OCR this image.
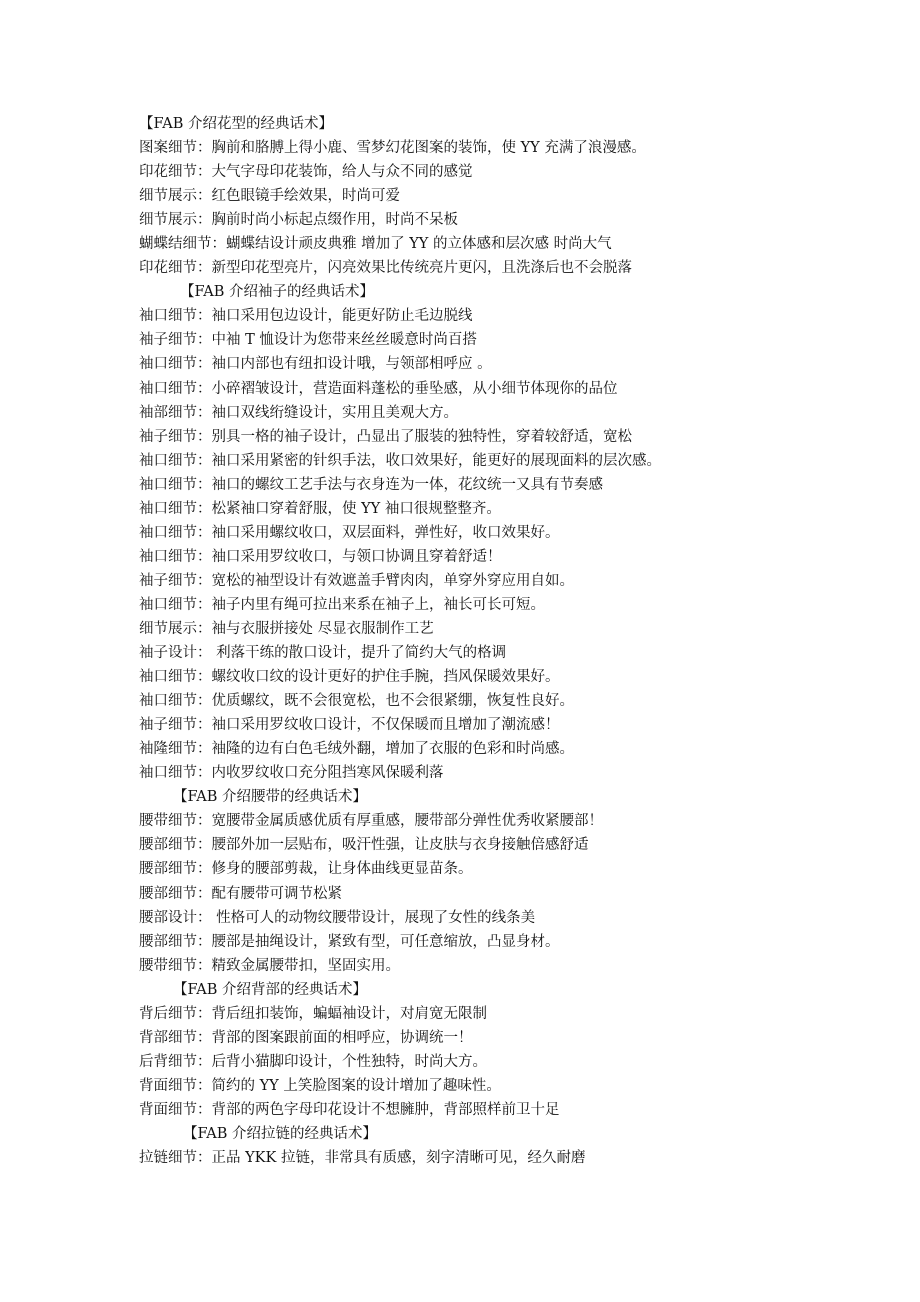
【FAB 介绍花型的经典话术】
图案细节：胸前和胳膊上得小鹿、雪梦幻花图案的装饰，使 YY 充满了浪漫感。
印花细节：大气字母印花装饰，给人与众不同的感觉
细节展示：红色眼镜手绘效果，时尚可爱
细节展示：胸前时尚小标起点缀作用，时尚不呆板
蝴蝶结细节：蝴蝶结设计顽皮典雅 增加了 YY 的立体感和层次感 时尚大气
印花细节：新型印花型亮片，闪亮效果比传统亮片更闪，且洗涤后也不会脱落
【FAB 介绍袖子的经典话术】
袖口细节：袖口采用包边设计，能更好防止毛边脱线
袖子细节：中袖 T 恤设计为您带来丝丝暖意时尚百搭
袖口细节：袖口内部也有纽扣设计哦，与领部相呼应 。
袖口细节：小碎褶皱设计，营造面料蓬松的垂坠感，从小细节体现你的品位
袖部细节：袖口双线绗缝设计，实用且美观大方。
袖子细节：别具一格的袖子设计，凸显出了服装的独特性，穿着较舒适，宽松
袖口细节：袖口采用紧密的针织手法，收口效果好，能更好的展现面料的层次感。
袖口细节：袖口的螺纹工艺手法与衣身连为一体，花纹统一又具有节奏感
袖口细节：松紧袖口穿着舒服，使 YY 袖口很规整整齐。
袖口细节：袖口采用螺纹收口，双层面料，弹性好，收口效果好。
袖口细节：袖口采用罗纹收口，与领口协调且穿着舒适！
袖子细节：宽松的袖型设计有效遮盖手臂肉肉，单穿外穿应用自如。
袖口细节：袖子内里有绳可拉出来系在袖子上，袖长可长可短。
细节展示：袖与衣服拼接处 尽显衣服制作工艺
袖子设计： 利落干练的散口设计，提升了简约大气的格调
袖口细节：螺纹收口纹的设计更好的护住手腕，挡风保暖效果好。
袖口细节：优质螺纹，既不会很宽松，也不会很紧绷，恢复性良好。
袖子细节：袖口采用罗纹收口设计，不仅保暖而且增加了潮流感！
袖隆细节：袖隆的边有白色毛绒外翻，增加了衣服的色彩和时尚感。
袖口细节：内收罗纹收口充分阻挡寒风保暖利落
【FAB 介绍腰带的经典话术】
腰带细节：宽腰带金属质感优质有厚重感，腰带部分弹性优秀收紧腰部！
腰部细节：腰部外加一层贴布，吸汗性强，让皮肤与衣身接触倍感舒适
腰部细节：修身的腰部剪裁，让身体曲线更显苗条。
腰部细节：配有腰带可调节松紧
腰部设计： 性格可人的动物纹腰带设计，展现了女性的线条美
腰部细节：腰部是抽绳设计，紧致有型，可任意缩放，凸显身材。
腰带细节：精致金属腰带扣，坚固实用。
【FAB 介绍背部的经典话术】
背后细节：背后纽扣装饰，蝙蝠袖设计，对肩宽无限制
背部细节：背部的图案跟前面的相呼应，协调统一！
后背细节：后背小猫脚印设计，个性独特，时尚大方。
背面细节：简约的 YY 上笑脸图案的设计增加了趣味性。
背面细节：背部的两色字母印花设计不想臃肿，背部照样前卫十足
【FAB 介绍拉链的经典话术】
拉链细节：正品 YKK 拉链，非常具有质感，刻字清晰可见，经久耐磨
